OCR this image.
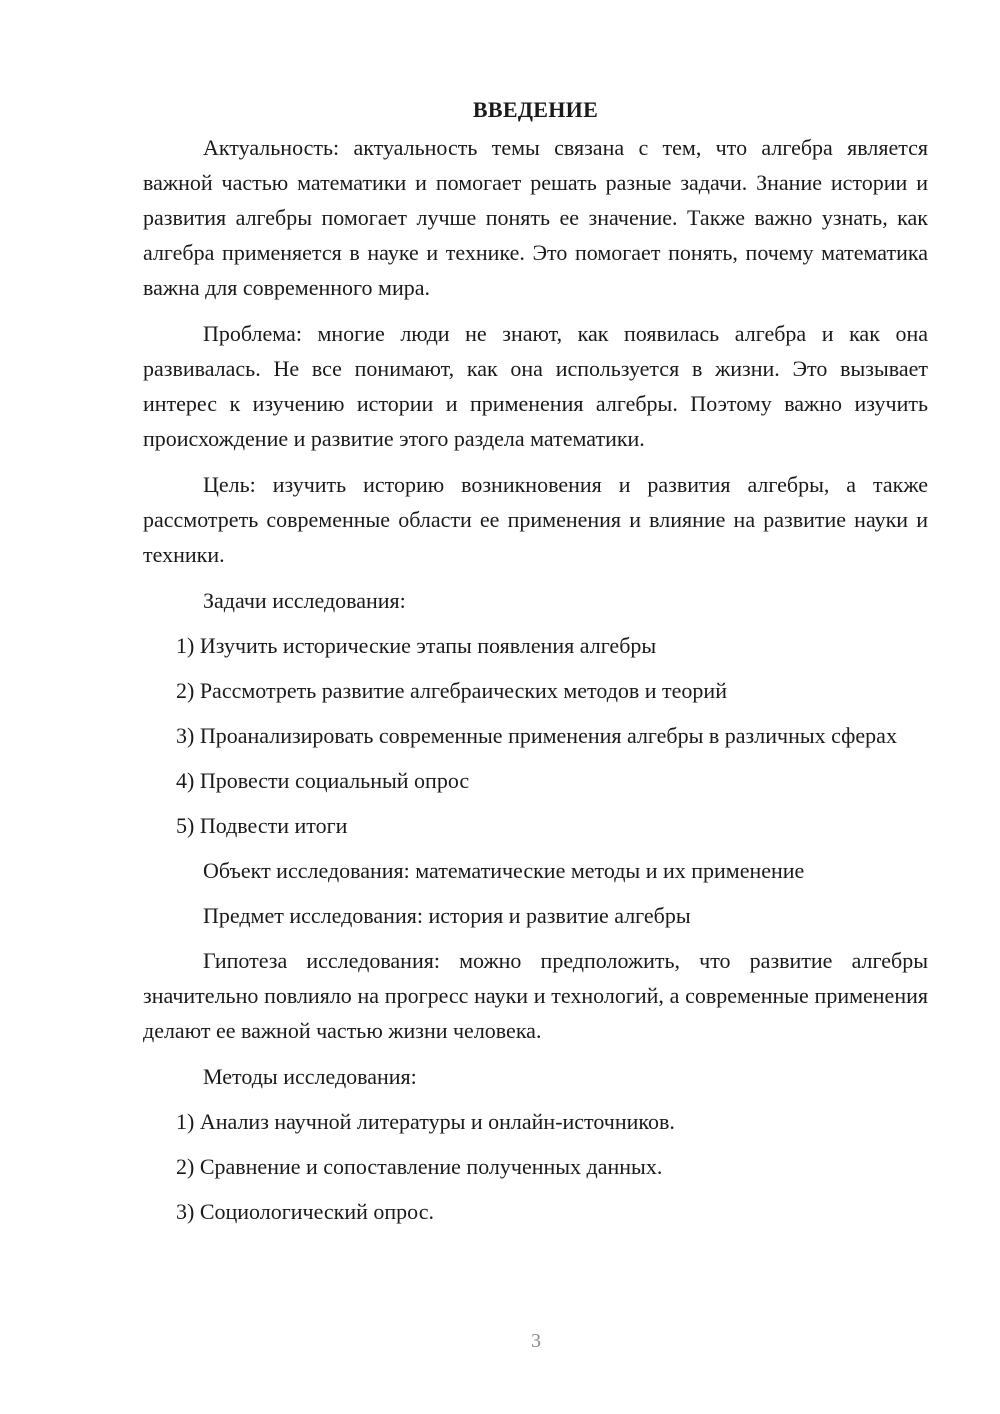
ВВЕДЕНИЕ

Актуальность: актуальность темы связана с тем, что алгебра является важной частью математики и помогает решать разные задачи. Знание истории и развития алгебры помогает лучше понять ее значение. Также важно узнать, как алгебра применяется в науке и технике. Это помогает понять, почему математика важна для современного мира.

Проблема: многие люди не знают, как появилась алгебра и как она развивалась. Не все понимают, как она используется в жизни. Это вызывает интерес к изучению истории и применения алгебры. Поэтому важно изучить происхождение и развитие этого раздела математики.

Цель: изучить историю возникновения и развития алгебры, а также рассмотреть современные области ее применения и влияние на развитие науки и техники.

Задачи исследования:
1) Изучить исторические этапы появления алгебры
2) Рассмотреть развитие алгебраических методов и теорий
3) Проанализировать современные применения алгебры в различных сферах
4) Провести социальный опрос
5) Подвести итоги
Объект исследования: математические методы и их применение
Предмет исследования: история и развитие алгебры

Гипотеза исследования: можно предположить, что развитие алгебры значительно повлияло на прогресс науки и технологий, а современные применения делают ее важной частью жизни человека.

Методы исследования:
1) Анализ научной литературы и онлайн-источников.
2) Сравнение и сопоставление полученных данных.
3) Социологический опрос.
3
